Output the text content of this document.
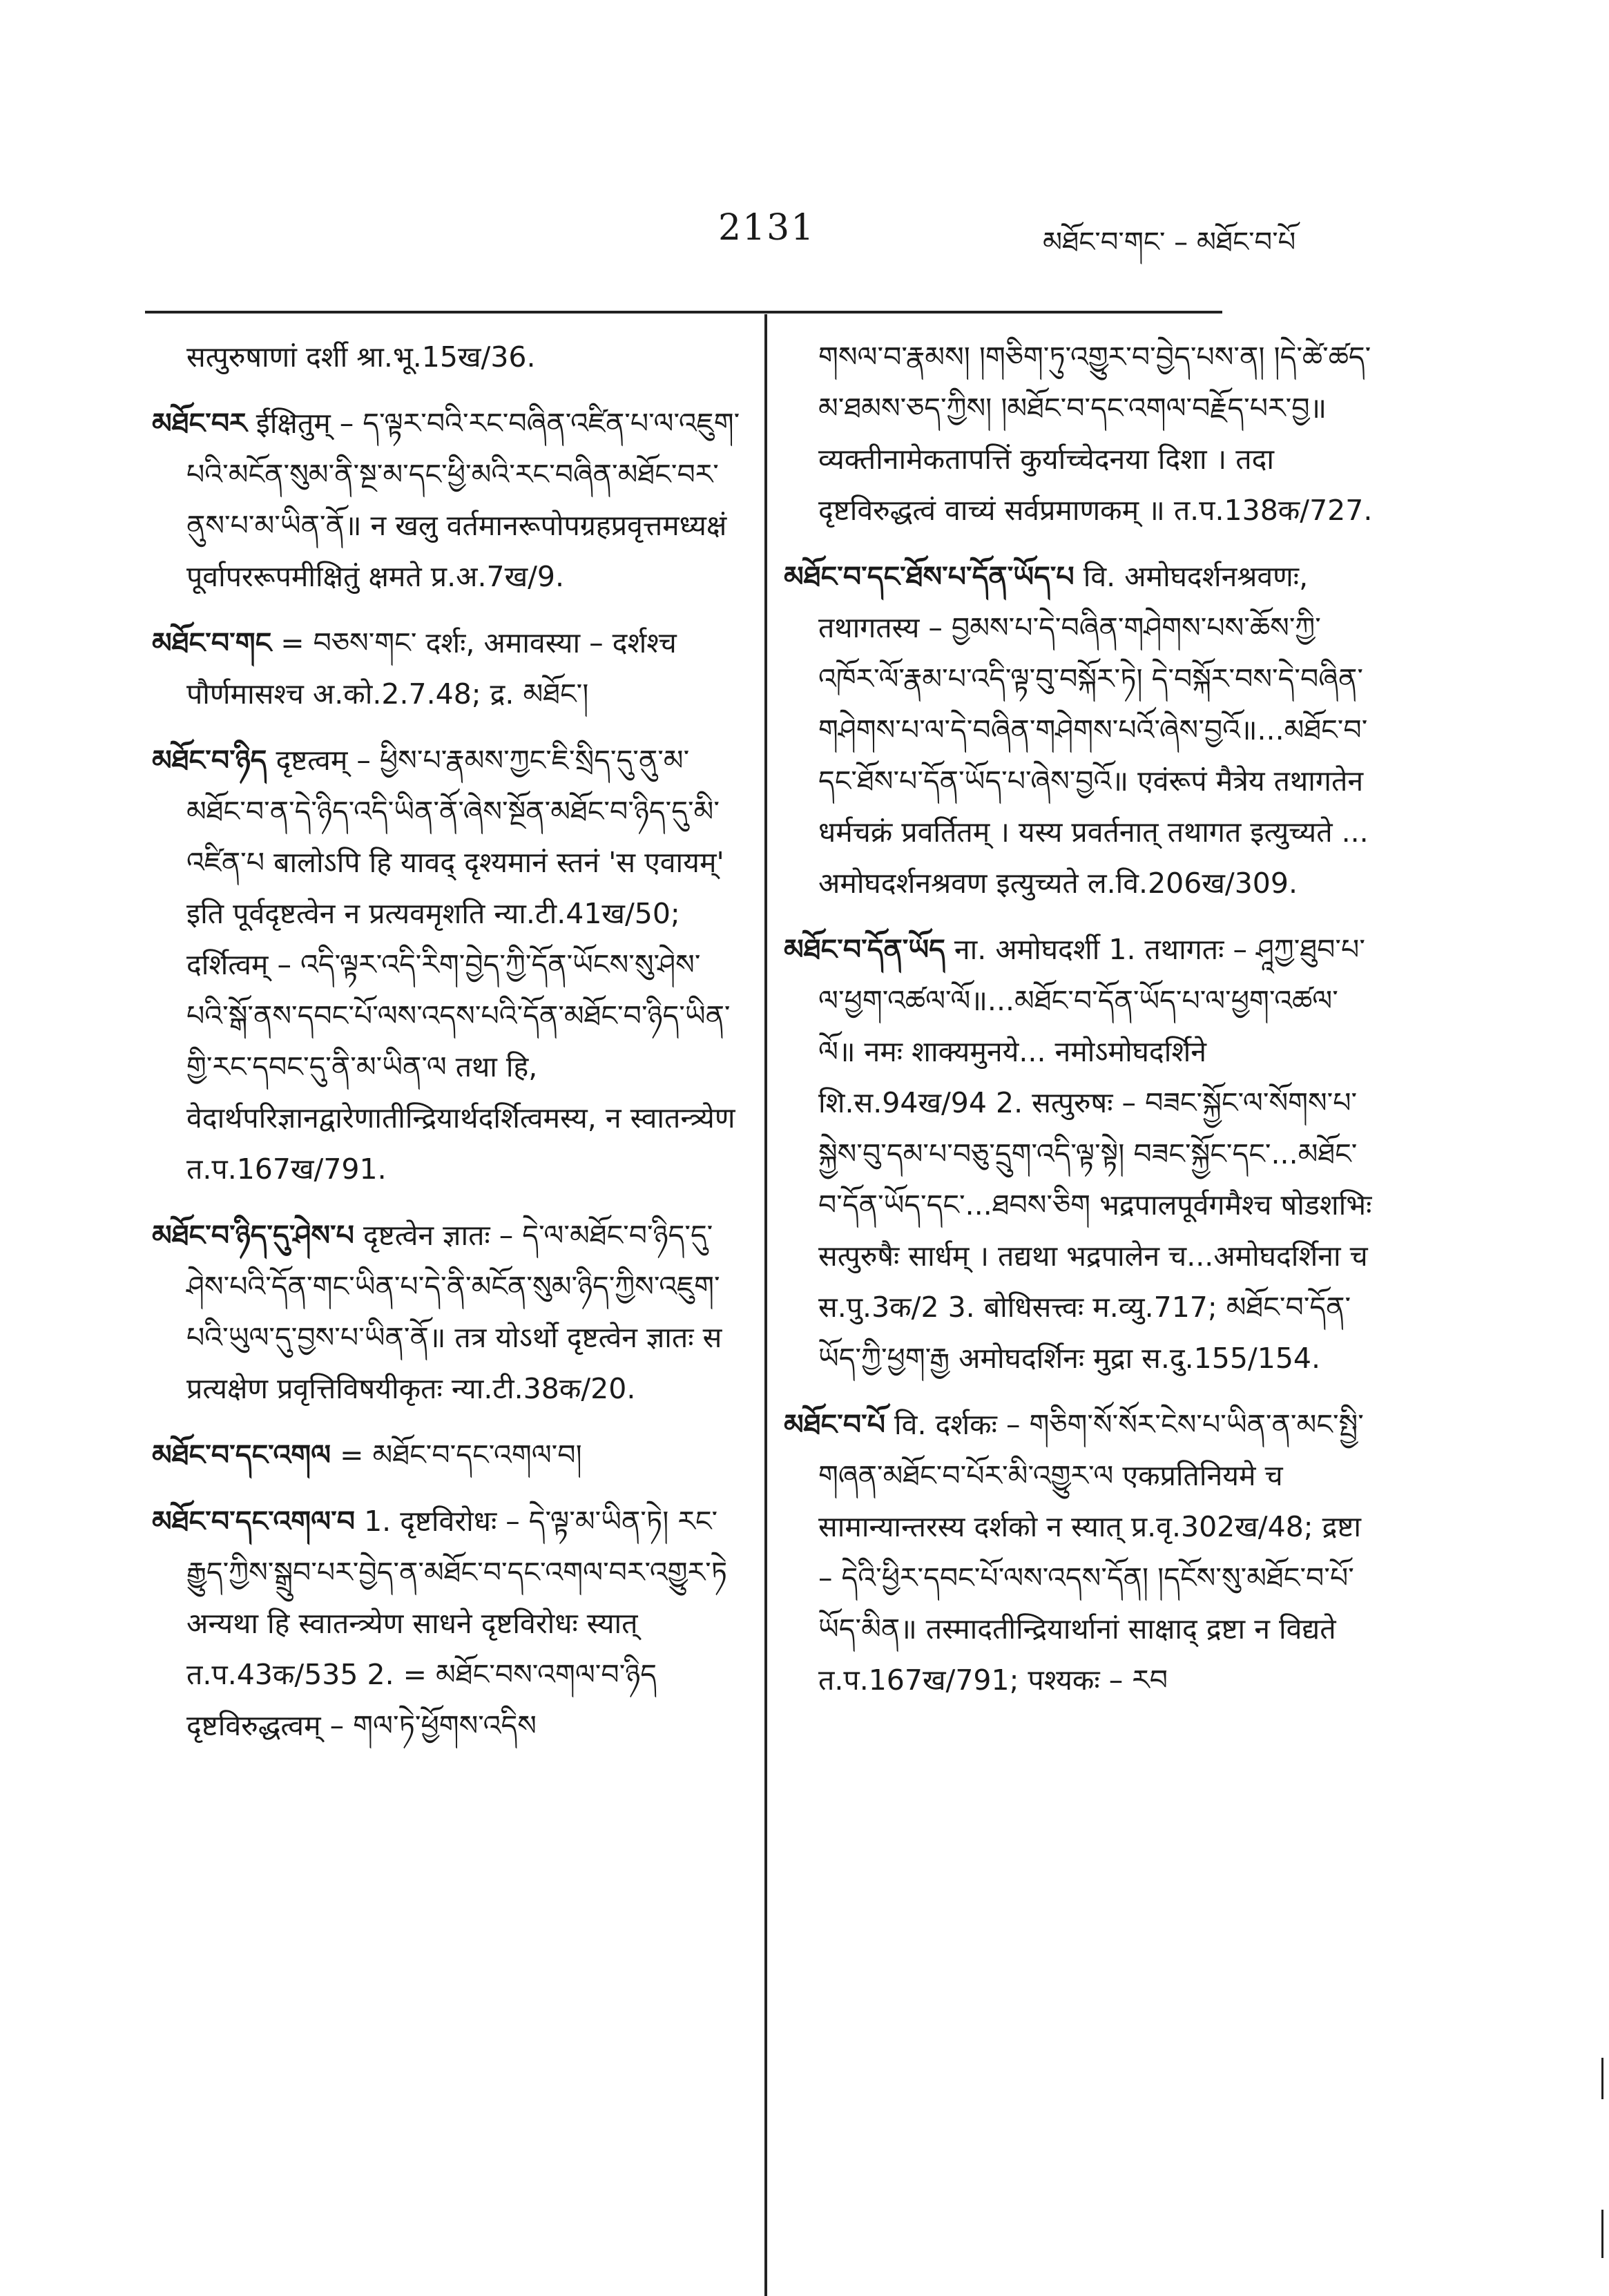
2131	མཐོང་བ་གང་ – མཐོང་བ་པོ

सत्पुरुषाणां दर्शी श्रा.भू.15ख/36.

མཐོང་བར ईक्षितुम् – ད་ལྟར་བའི་རང་བཞིན་འཛིན་པ་ལ་འཇུག་པའི་མངོན་སུམ་ནི་སྔ་མ་དང་ཕྱི་མའི་རང་བཞིན་མཐོང་བར་ནུས་པ་མ་ཡིན་ནོ॥ न खलु वर्तमानरूपोपग्रहप्रवृत्तमध्यक्षं पूर्वापररूपमीक्षितुं क्षमते प्र.अ.7ख/9.

མཐོང་བ་གང = བཅས་གང་ दर्शः, अमावस्या – दर्शश्च पौर्णमासश्च अ.को.2.7.48; द्र. མཐོང་།

མཐོང་བ་ཉིད दृष्टत्वम् – ཕྱིས་པ་རྣམས་ཀྱང་ཇི་སྲིད་དུ་ནུ་མ་མཐོང་བ་ན་དེ་ཉིད་འདི་ཡིན་ནོ་ཞེས་སྔོན་མཐོང་བ་ཉིད་དུ་མི་འཛིན་པ बालोऽपि हि यावद् दृश्यमानं स्तनं 'स एवायम्' इति पूर्वदृष्टत्वेन न प्रत्यवमृशति न्या.टी.41ख/50; दर्शित्वम् – འདི་ལྟར་འདི་རིག་བྱེད་ཀྱི་དོན་ཡོངས་སུ་ཤེས་པའི་སྒོ་ནས་དབང་པོ་ལས་འདས་པའི་དོན་མཐོང་བ་ཉིད་ཡིན་གྱི་རང་དབང་དུ་ནི་མ་ཡིན་ལ तथा हि, वेदार्थपरिज्ञानद्वारेणातीन्द्रियार्थदर्शित्वमस्य, न स्वातन्त्र्येण त.प.167ख/791.

མཐོང་བ་ཉིད་དུ་ཤེས་པ दृष्टत्वेन ज्ञातः – དེ་ལ་མཐོང་བ་ཉིད་དུ་ཤེས་པའི་དོན་གང་ཡིན་པ་དེ་ནི་མངོན་སུམ་ཉིད་ཀྱིས་འཇུག་པའི་ཡུལ་དུ་བྱས་པ་ཡིན་ནོ॥ तत्र योऽर्थो दृष्टत्वेन ज्ञातः स प्रत्यक्षेण प्रवृत्तिविषयीकृतः न्या.टी.38क/20.

མཐོང་བ་དང་འགལ = མཐོང་བ་དང་འགལ་བ།

མཐོང་བ་དང་འགལ་བ 1. दृष्टविरोधः – དེ་ལྟ་མ་ཡིན་ཏེ། རང་རྒྱུད་ཀྱིས་སྒྲུབ་པར་བྱེད་ན་མཐོང་བ་དང་འགལ་བར་འགྱུར་ཏེ अन्यथा हि स्वातन्त्र्येण साधने दृष्टविरोधः स्यात् त.प.43क/535 2. = མཐོང་བས་འགལ་བ་ཉིད दृष्टविरुद्धत्वम् – གལ་ཏེ་ཕྱོགས་འདིས

གསལ་བ་རྣམས། །གཅིག་ཏུ་འགྱུར་བ་བྱེད་པས་ན། །དེ་ཚེ་ཚད་མ་ཐམས་ཅད་ཀྱིས། །མཐོང་བ་དང་འགལ་བརྗོད་པར་བྱ॥ व्यक्तीनामेकतापत्तिं कुर्याच्चेदनया दिशा । तदा दृष्टविरुद्धत्वं वाच्यं सर्वप्रमाणकम् ॥ त.प.138क/727.

མཐོང་བ་དང་ཐོས་པ་དོན་ཡོད་པ वि. अमोघदर्शनश्रवणः, तथागतस्य – བྱམས་པ་དེ་བཞིན་གཤེགས་པས་ཆོས་ཀྱི་འཁོར་ལོ་རྣམ་པ་འདི་ལྟ་བུ་བསྐོར་ཏེ། དེ་བསྐོར་བས་དེ་བཞིན་གཤེགས་པ་ལ་དེ་བཞིན་གཤེགས་པའོ་ཞེས་བྱའོ॥...མཐོང་བ་དང་ཐོས་པ་དོན་ཡོད་པ་ཞེས་བྱའོ॥ एवंरूपं मैत्रेय तथागतेन धर्मचक्रं प्रवर्तितम् । यस्य प्रवर्तनात् तथागत इत्युच्यते ... अमोघदर्शनश्रवण इत्युच्यते ल.वि.206ख/309.

མཐོང་བ་དོན་ཡོད ना. अमोघदर्शी 1. तथागतः – ཤཱཀྱ་ཐུབ་པ་ལ་ཕྱག་འཚལ་ལོ॥...མཐོང་བ་དོན་ཡོད་པ་ལ་ཕྱག་འཚལ་ལོ॥ नमः शाक्यमुनये... नमोऽमोघदर्शिने शि.स.94ख/94 2. सत्पुरुषः – བཟང་སྐྱོང་ལ་སོགས་པ་སྐྱེས་བུ་དམ་པ་བཅུ་དྲུག་འདི་ལྟ་སྟེ། བཟང་སྐྱོང་དང་...མཐོང་བ་དོན་ཡོད་དང་...ཐབས་ཅིག भद्रपालपूर्वगमैश्च षोडशभिः सत्पुरुषैः सार्धम् । तद्यथा भद्रपालेन च...अमोघदर्शिना च स.पु.3क/2 3. बोधिसत्त्वः म.व्यु.717; མཐོང་བ་དོན་ཡོད་ཀྱི་ཕྱག་རྒྱ अमोघदर्शिनः मुद्रा स.दु.155/154.

མཐོང་བ་པོ वि. दर्शकः – གཅིག་སོ་སོར་ངེས་པ་ཡིན་ན་མང་སྤྱི་གཞན་མཐོང་བ་པོར་མི་འགྱུར་ལ एकप्रतिनियमे च सामान्यान्तरस्य दर्शको न स्यात् प्र.वृ.302ख/48; द्रष्टा – དེའི་ཕྱིར་དབང་པོ་ལས་འདས་དོན། །དངོས་སུ་མཐོང་བ་པོ་ཡོད་མིན॥ तस्मादतीन्द्रियार्थानां साक्षाद् द्रष्टा न विद्यते त.प.167ख/791; पश्यकः – རབ
